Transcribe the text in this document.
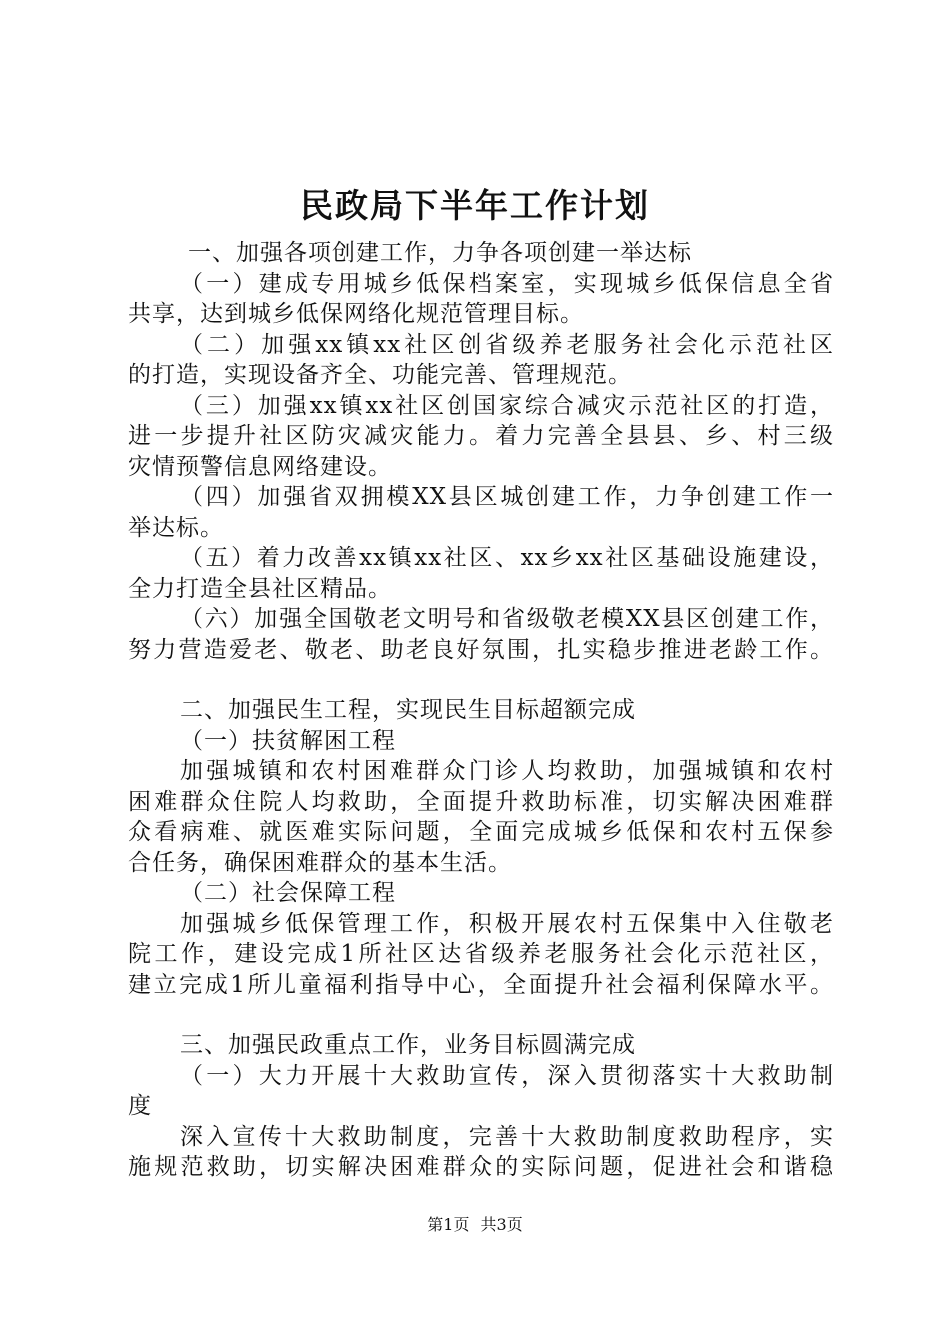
民政局下半年工作计划
一、加强各项创建工作，力争各项创建一举达标
（一）建成专用城乡低保档案室，实现城乡低保信息全省
共享，达到城乡低保网络化规范管理目标。
（二）加强xx镇xx社区创省级养老服务社会化示范社区
的打造，实现设备齐全、功能完善、管理规范。
（三）加强xx镇xx社区创国家综合减灾示范社区的打造，
进一步提升社区防灾减灾能力。着力完善全县县、乡、村三级
灾情预警信息网络建设。
（四）加强省双拥模XX县区城创建工作，力争创建工作一
举达标。
（五）着力改善xx镇xx社区、xx乡xx社区基础设施建设，
全力打造全县社区精品。
（六）加强全国敬老文明号和省级敬老模XX县区创建工作，
努力营造爱老、敬老、助老良好氛围，扎实稳步推进老龄工作。
二、加强民生工程，实现民生目标超额完成
（一）扶贫解困工程
加强城镇和农村困难群众门诊人均救助，加强城镇和农村
困难群众住院人均救助，全面提升救助标准，切实解决困难群
众看病难、就医难实际问题，全面完成城乡低保和农村五保参
合任务，确保困难群众的基本生活。
（二）社会保障工程
加强城乡低保管理工作，积极开展农村五保集中入住敬老
院工作，建设完成1所社区达省级养老服务社会化示范社区，
建立完成1所儿童福利指导中心，全面提升社会福利保障水平。
三、加强民政重点工作，业务目标圆满完成
（一）大力开展十大救助宣传，深入贯彻落实十大救助制
度
深入宣传十大救助制度，完善十大救助制度救助程序，实
施规范救助，切实解决困难群众的实际问题，促进社会和谐稳
第1页 共3页
